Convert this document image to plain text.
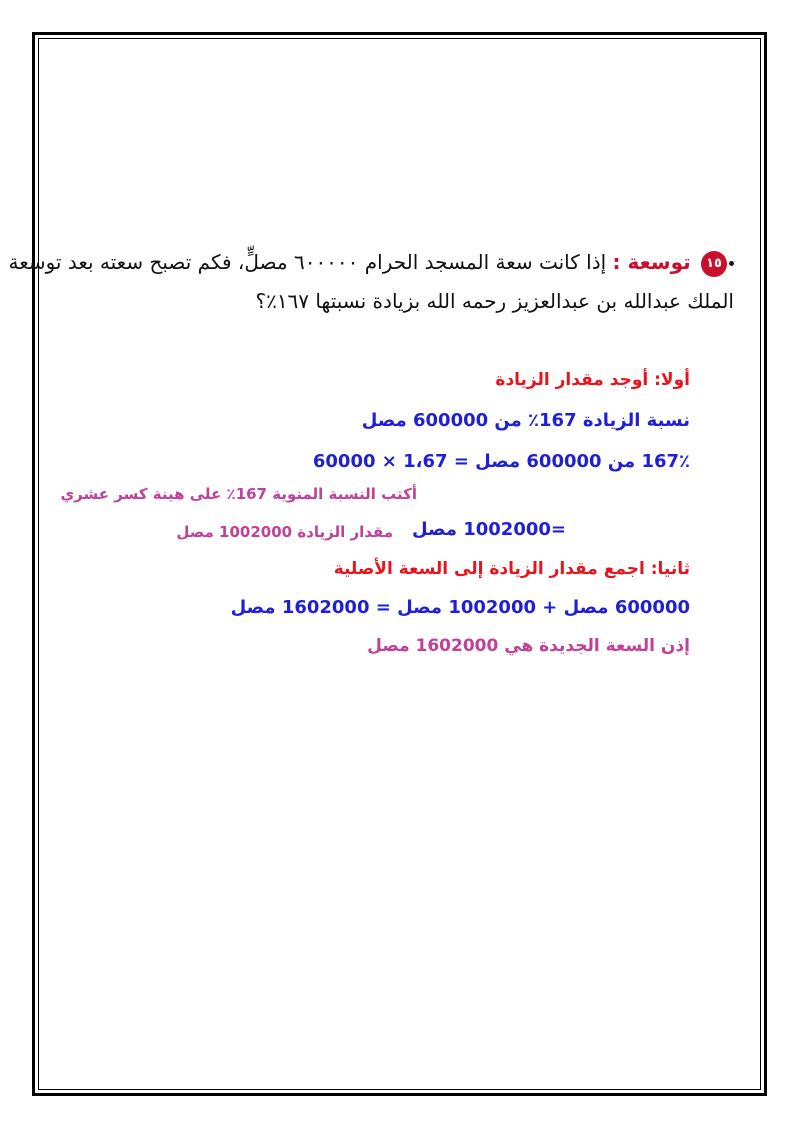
١٥ توسعة : إذا كانت سعة المسجد الحرام ٦٠٠٠٠٠ مصلٍّ، فكم تصبح سعته بعد توسعة
الملك عبدالله بن عبدالعزيز رحمه الله بزيادة نسبتها ١٦٧٪؟
أولا: أوجد مقدار الزيادة
نسبة الزيادة 167٪ من 600000 مصل
167٪ من 600000 مصل = 1،67 × 60000
أكتب النسبة المنوية 167٪ على هينة كسر عشري
=1002000 مصل
مقدار الزيادة 1002000 مصل
ثانيا: اجمع مقدار الزيادة إلى السعة الأصلية
600000 مصل + 1002000 مصل = 1602000 مصل
إذن السعة الجديدة هي 1602000 مصل
